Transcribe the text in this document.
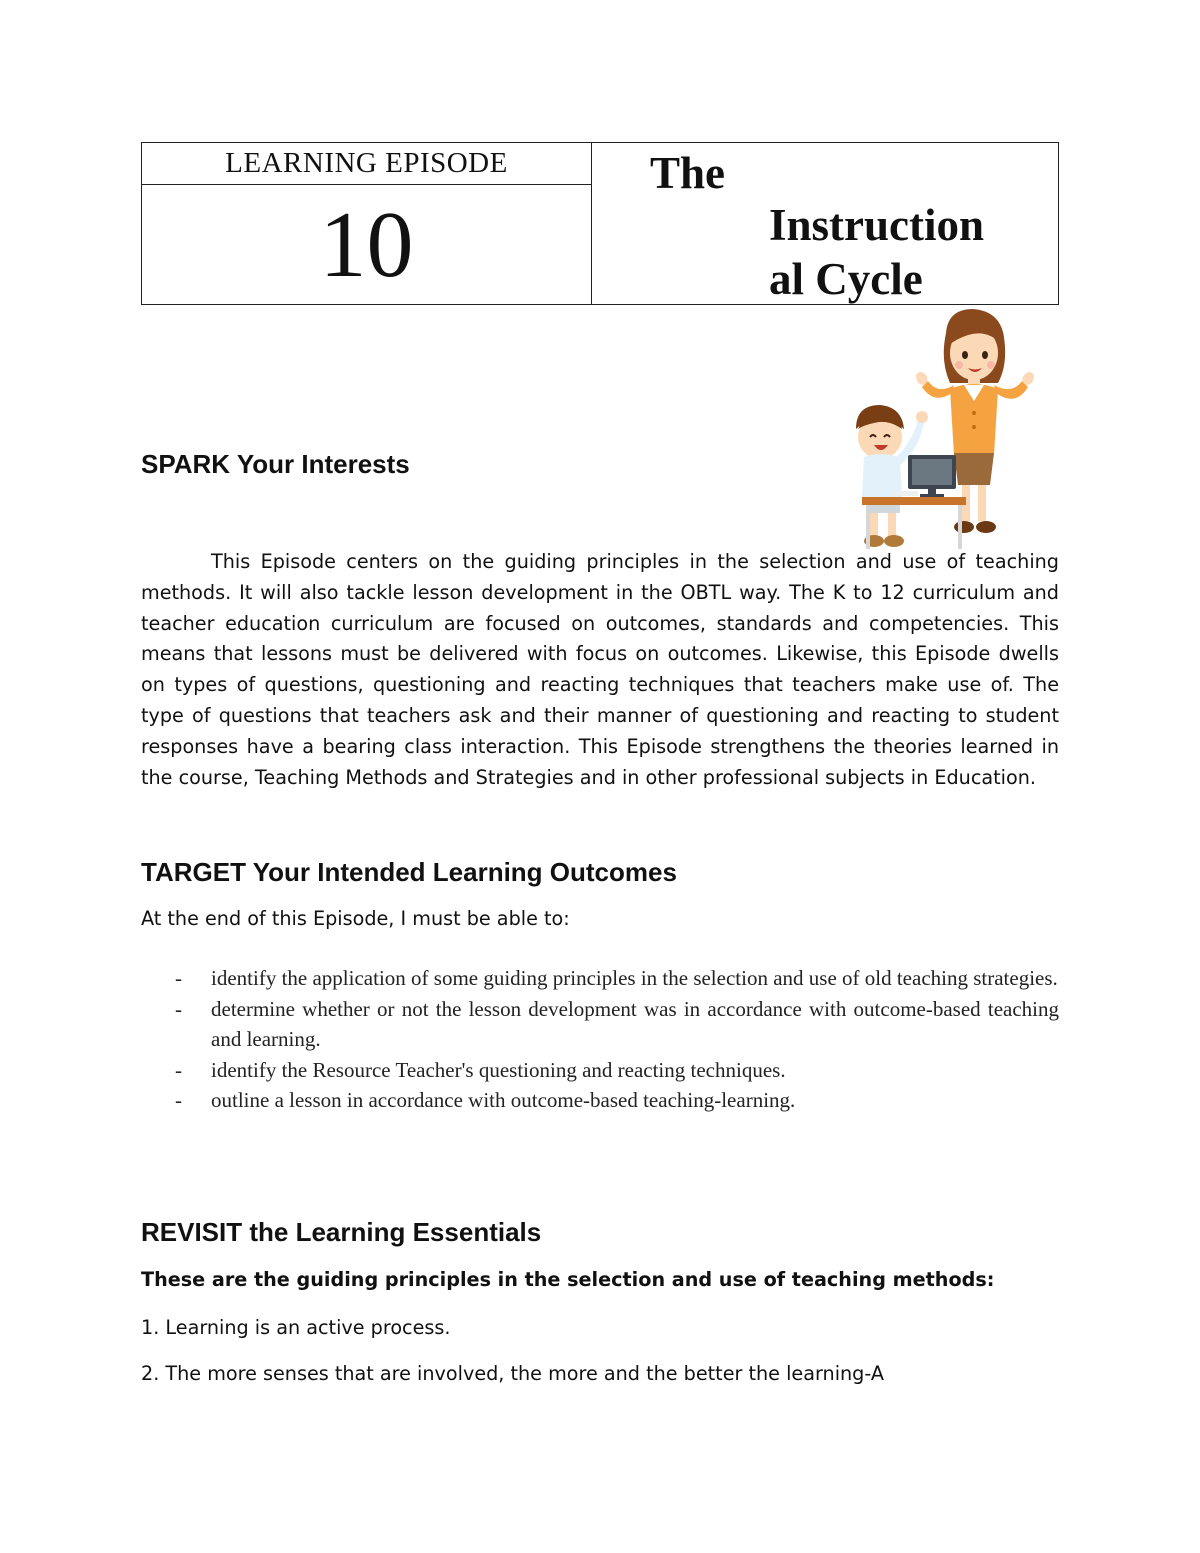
LEARNING EPISODE
10
The
Instruction
al Cycle
SPARK Your Interests

This Episode centers on the guiding principles in the selection and use of teaching methods. It will also tackle lesson development in the OBTL way. The K to 12 curriculum and teacher education curriculum are focused on outcomes, standards and competencies. This means that lessons must be delivered with focus on outcomes. Likewise, this Episode dwells on types of questions, questioning and reacting techniques that teachers make use of. The type of questions that teachers ask and their manner of questioning and reacting to student responses have a bearing class interaction. This Episode strengthens the theories learned in the course, Teaching Methods and Strategies and in other professional subjects in Education.

TARGET Your Intended Learning Outcomes

At the end of this Episode, I must be able to:

- identify the application of some guiding principles in the selection and use of old teaching strategies.
- determine whether or not the lesson development was in accordance with outcome-based teaching and learning.
- identify the Resource Teacher's questioning and reacting techniques.
- outline a lesson in accordance with outcome-based teaching-learning.
REVISIT the Learning Essentials

These are the guiding principles in the selection and use of teaching methods:

1. Learning is an active process.

2. The more senses that are involved, the more and the better the learning-A
